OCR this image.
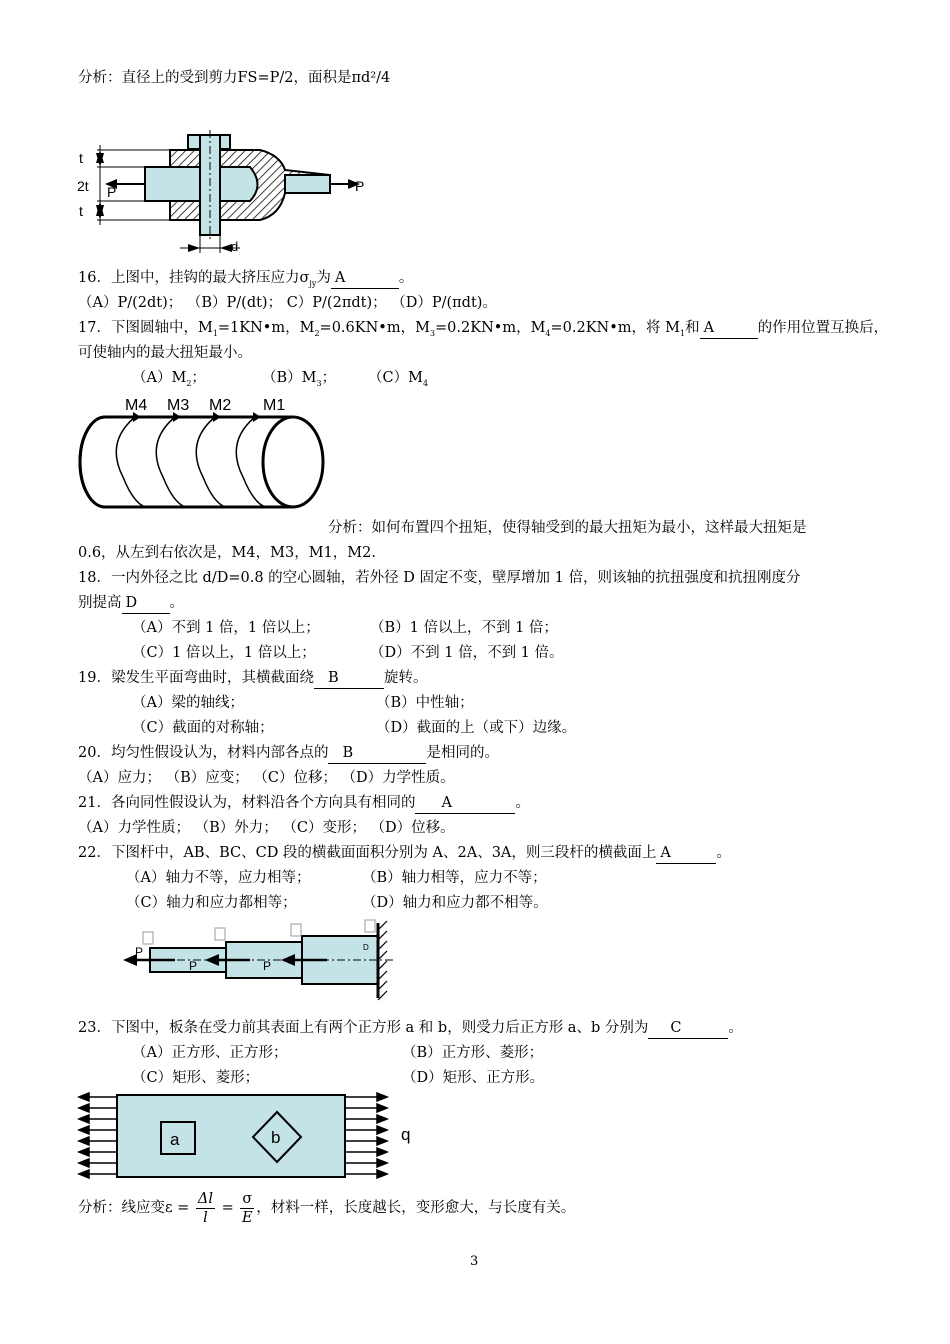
分析：直径上的受到剪力FS=P/2，面积是πd²/4
t
2t
t
P	P
d
16．上图中，挂钩的最大挤压应力$\sigma_{jy}$为 A	。
（A）P/(2dt)； （B）P/(dt)； C）P/(2πdt)； （D）P/(πdt)。
17．下图圆轴中，$M_1=1KN•m$，$M_2=0.6KN•m$，$M_3=0.2KN•m$，$M_4=0.2KN•m$，将 $M_1$和 A	的作用位置互换后，
可使轴内的最大扭矩最小。
$(A)M_2$；	$(B)M_3$； $(C)M_4$
M4 M3 M2 M1
分析：如何布置四个扭矩，使得轴受到的最大扭矩为最小，这样最大扭矩是
0.6，从左到右依次是，M4，M3，M1，M2.
18．一内外径之比 d/D=0.8 的空心圆轴，若外径 D 固定不变，壁厚增加 1 倍，则该轴的抗扭强度和抗扭刚度分
别提高 D 。
（A）不到 1 倍，1 倍以上；	（B）1 倍以上，不到 1 倍；
（C）1 倍以上，1 倍以上；	（D）不到 1 倍，不到 1 倍。
19．梁发生平面弯曲时，其横截面绕 B	旋转。
（A）梁的轴线；	（B）中性轴；
（C）截面的对称轴；	（D）截面的上（或下）边缘。
20．均匀性假设认为，材料内部各点的 B	是相同的。
（A）应力； （B）应变； （C）位移； （D）力学性质。
21．各向同性假设认为，材料沿各个方向具有相同的 A	。
（A）力学性质； （B）外力； （C）变形； （D）位移。
22．下图杆中，AB、BC、CD 段的横截面面积分别为 A、2A、3A，则三段杆的横截面上 A	。
（A）轴力不等，应力相等；	（B）轴力相等，应力不等；
（C）轴力和应力都相等；	（D）轴力和应力都不相等。
P
P	P
D
23．下图中，板条在受力前其表面上有两个正方形 a 和 b，则受力后正方形 a、b 分别为 C	。
（A）正方形、正方形；	（B）正方形、菱形；
（C）矩形、菱形；	（D）矩形、正方形。
a	b	q
分析：线应变$\varepsilon = \frac{\Delta l}{l} = \frac{\sigma}{E}$ ，材料一样，长度越长，变形愈大，与长度有关。
3
